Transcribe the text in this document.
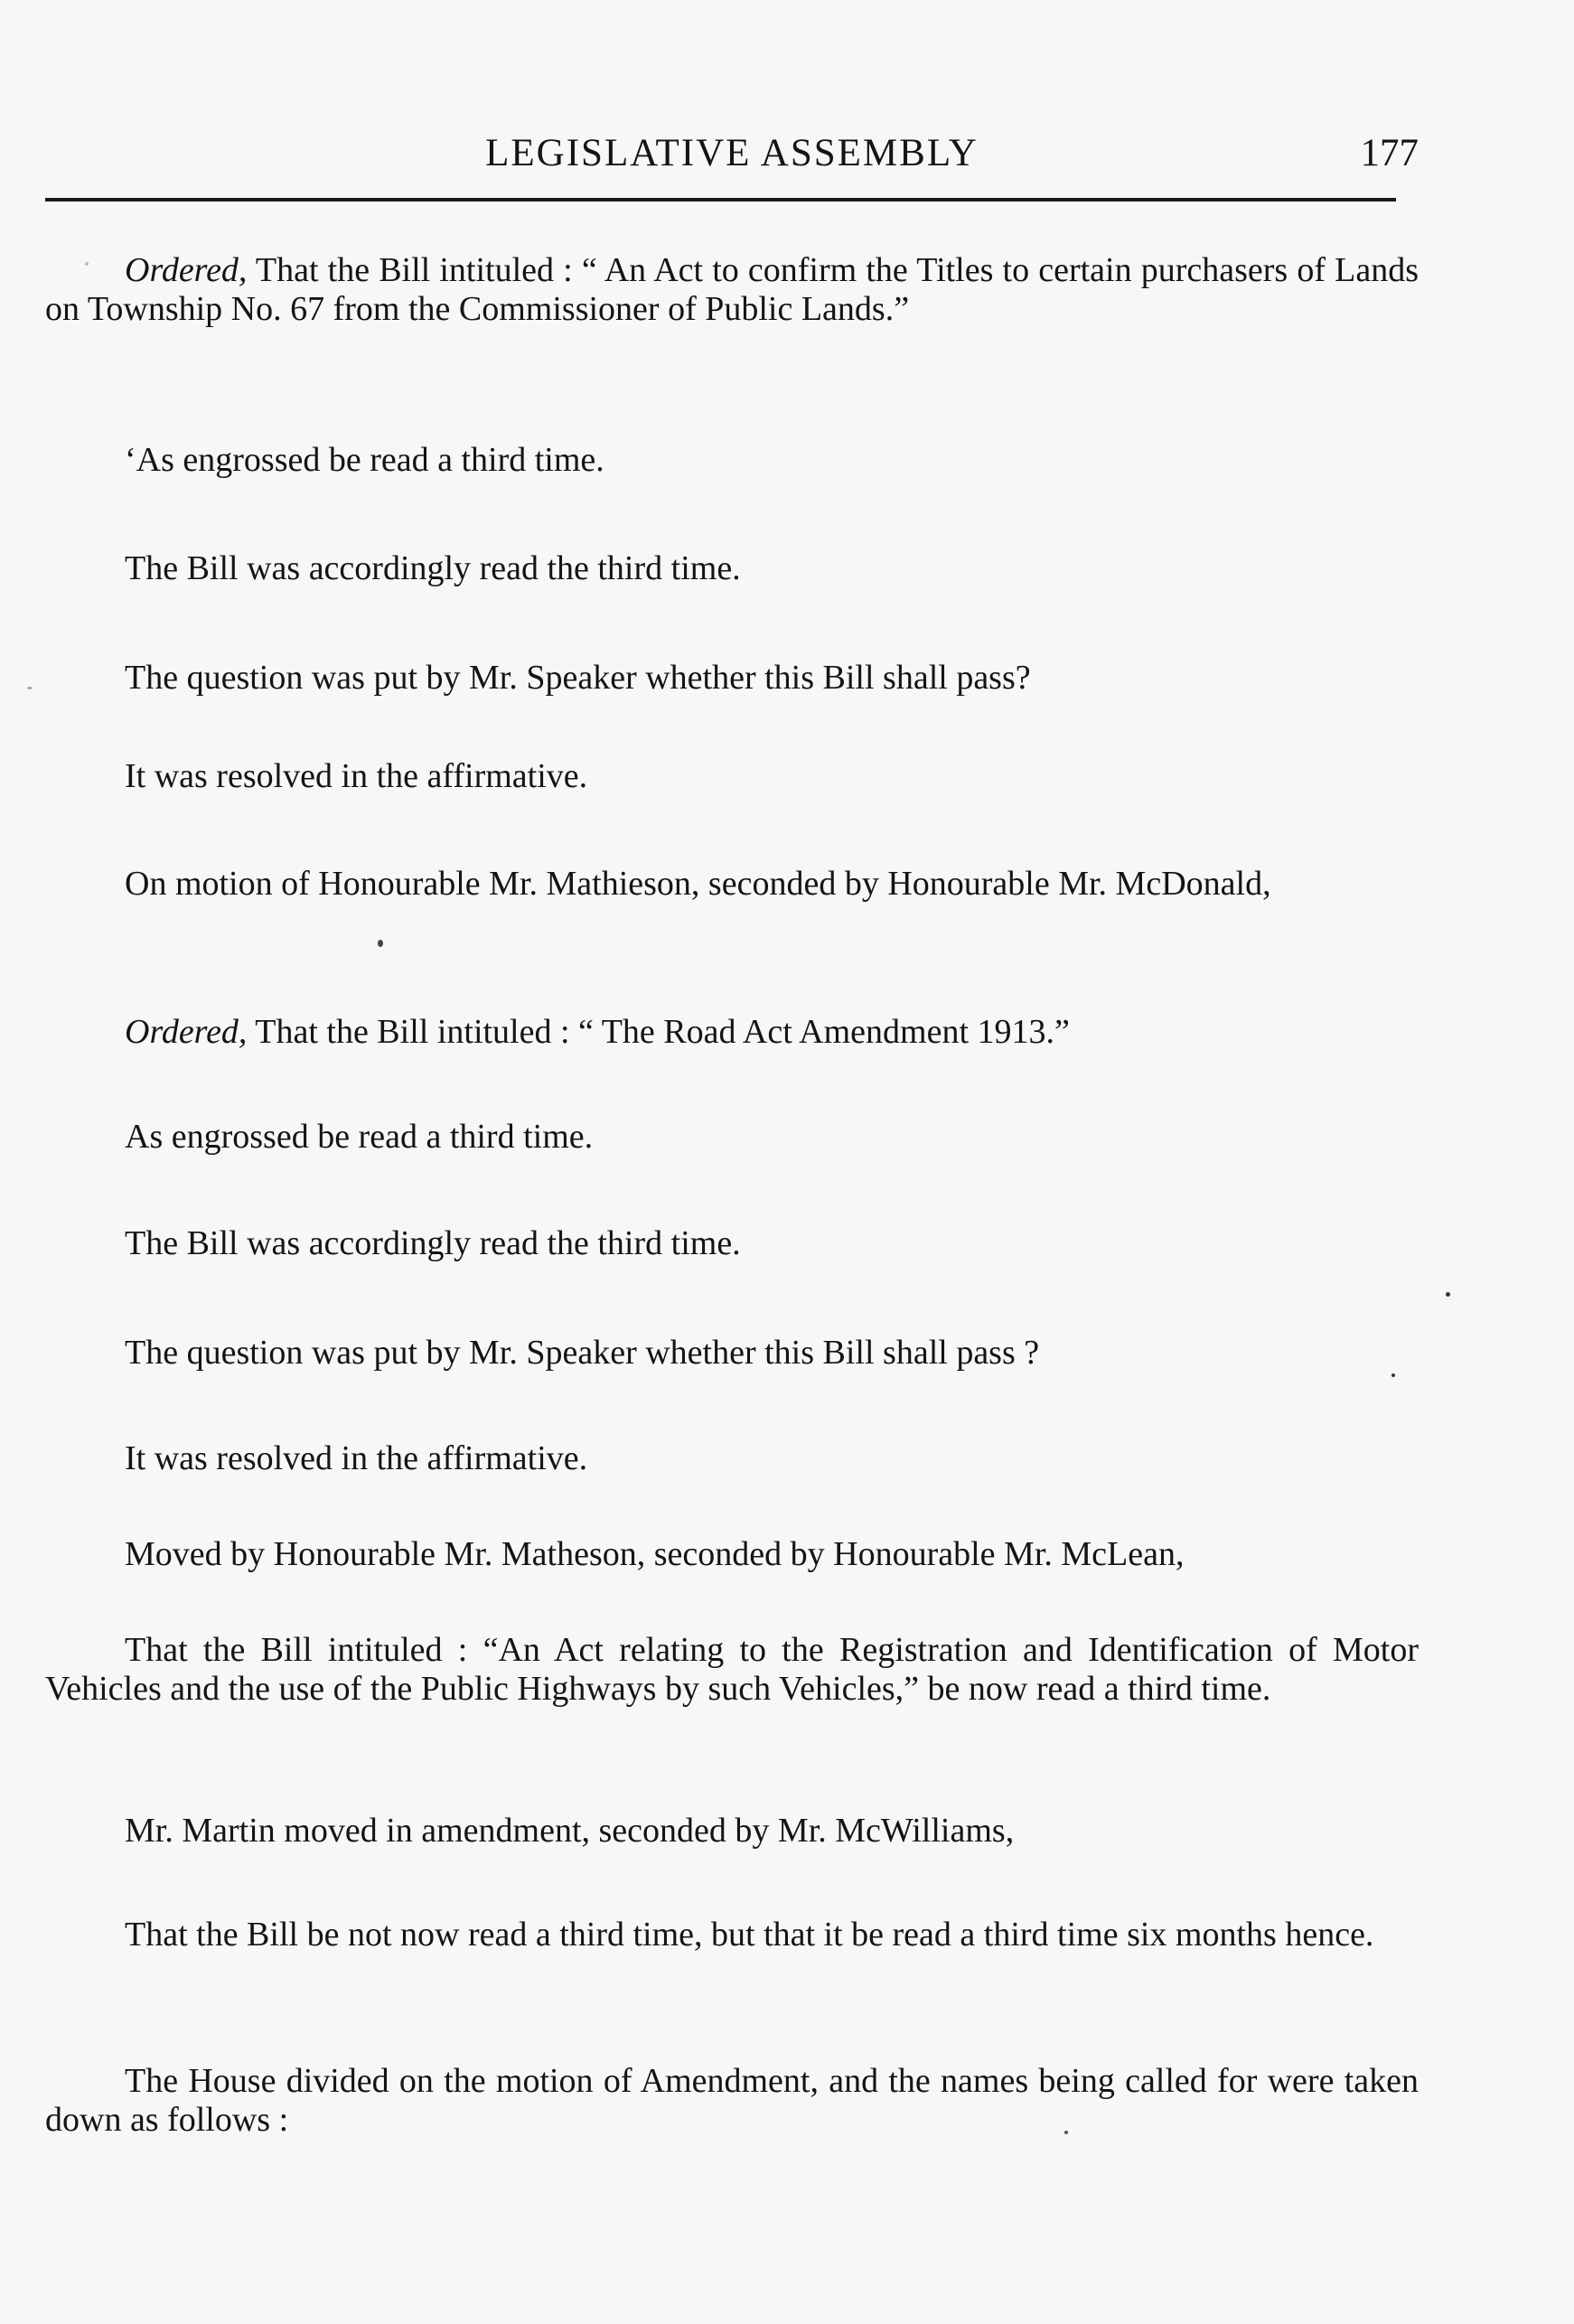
LEGISLATIVE ASSEMBLY	177

Ordered, That the Bill intituled : “ An Act to confirm the Titles to certain purchasers of Lands on Township No. 67 from the Commissioner of Public Lands.”

‘As engrossed be read a third time.

The Bill was accordingly read the third time.

The question was put by Mr. Speaker whether this Bill shall pass?

It was resolved in the affirmative.

On motion of Honourable Mr. Mathieson, seconded by Honourable Mr. McDonald,

Ordered, That the Bill intituled : “ The Road Act Amendment 1913.”

As engrossed be read a third time.

The Bill was accordingly read the third time.

The question was put by Mr. Speaker whether this Bill shall pass ?

It was resolved in the affirmative.

Moved by Honourable Mr. Matheson, seconded by Honourable Mr. McLean,

That the Bill intituled : “An Act relating to the Registration and Identification of Motor Vehicles and the use of the Public Highways by such Vehicles,” be now read a third time.

Mr. Martin moved in amendment, seconded by Mr. McWilliams,

That the Bill be not now read a third time, but that it be read a third time six months hence.

The House divided on the motion of Amendment, and the names being called for were taken down as follows :
